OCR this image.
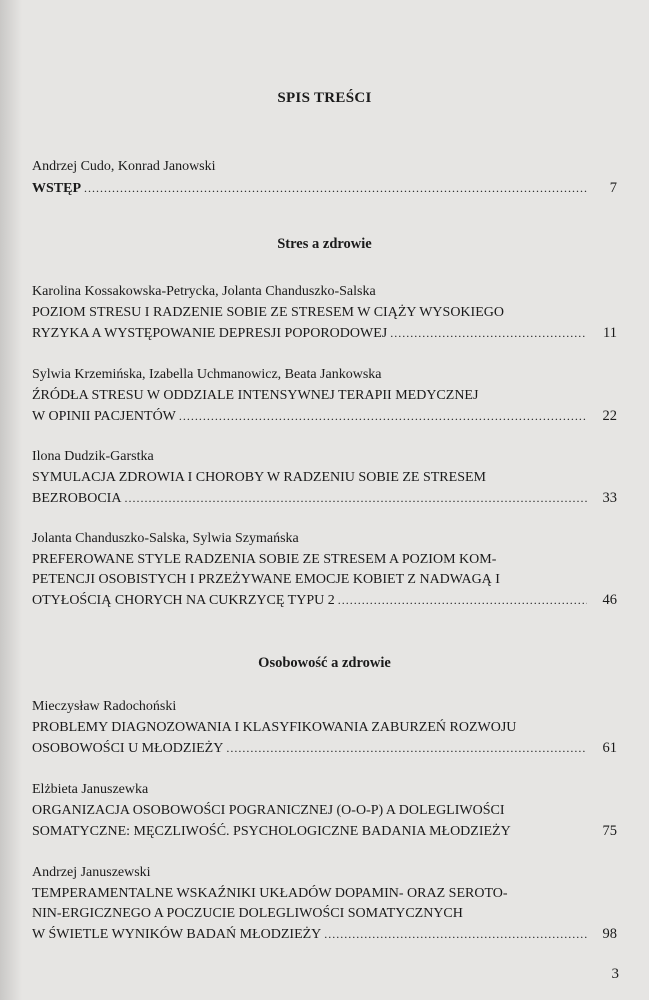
SPIS TREŚCI
Andrzej Cudo, Konrad Janowski
WSTĘP .....	7
Stres a zdrowie
Karolina Kossakowska-Petrycka, Jolanta Chanduszko-Salska
POZIOM STRESU I RADZENIE SOBIE ZE STRESEM W CIĄŻY WYSOKIEGO
RYZYKA A WYSTĘPOWANIE DEPRESJI POPORODOWEJ .....	11
Sylwia Krzemińska, Izabella Uchmanowicz, Beata Jankowska
ŹRÓDŁA STRESU W ODDZIALE INTENSYWNEJ TERAPII MEDYCZNEJ
W OPINII PACJENTÓW .....	22
Ilona Dudzik-Garstka
SYMULACJA ZDROWIA I CHOROBY W RADZENIU SOBIE ZE STRESEM
BEZROBOCIA .....	33
Jolanta Chanduszko-Salska, Sylwia Szymańska
PREFEROWANE STYLE RADZENIA SOBIE ZE STRESEM A POZIOM KOM-
PETENCJI OSOBISTYCH I PRZEŻYWANE EMOCJE KOBIET Z NADWAGĄ I
OTYŁOŚCIĄ CHORYCH NA CUKRZYCĘ TYPU 2 .....	46
Osobowość a zdrowie
Mieczysław Radochoński
PROBLEMY DIAGNOZOWANIA I KLASYFIKOWANIA ZABURZEŃ ROZWOJU
OSOBOWOŚCI U MŁODZIEŻY .....	61
Elżbieta Januszewka
ORGANIZACJA OSOBOWOŚCI POGRANICZNEJ (O-O-P) A DOLEGLIWOŚCI
SOMATYCZNE: MĘCZLIWOŚĆ. PSYCHOLOGICZNE BADANIA MŁODZIEŻY	75
Andrzej Januszewski
TEMPERAMENTALNE WSKAŹNIKI UKŁADÓW DOPAMIN- ORAZ SEROTO-
NIN-ERGICZNEGO A POCZUCIE DOLEGLIWOŚCI SOMATYCZNYCH
W ŚWIETLE WYNIKÓW BADAŃ MŁODZIEŻY .....	98
3
